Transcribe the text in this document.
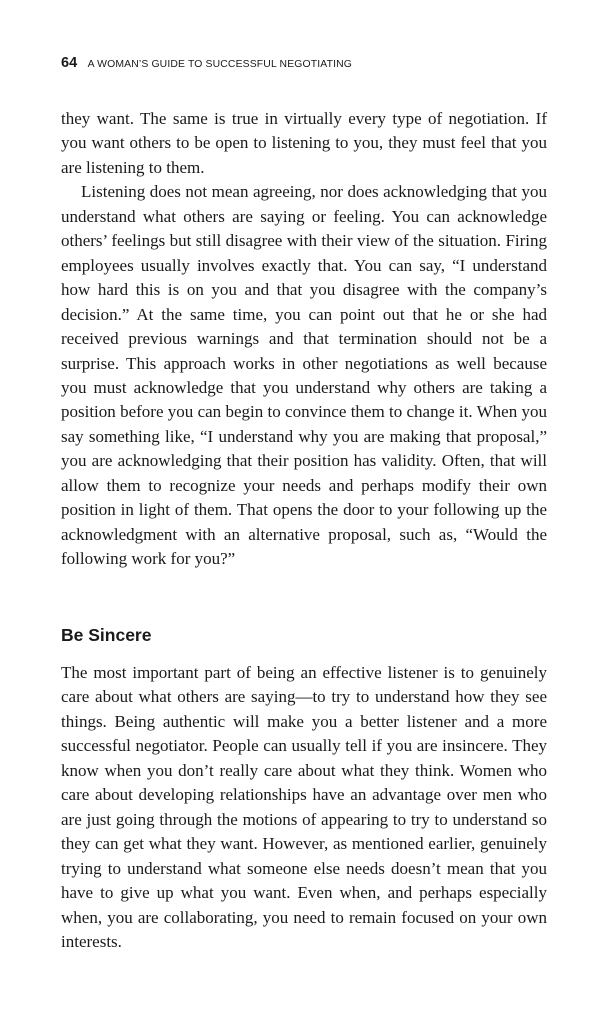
64 A WOMAN’S GUIDE TO SUCCESSFUL NEGOTIATING

they want. The same is true in virtually every type of negotiation. If you want others to be open to listening to you, they must feel that you are listening to them.

Listening does not mean agreeing, nor does acknowledging that you understand what others are saying or feeling. You can acknowledge others’ feelings but still disagree with their view of the situation. Firing employees usually involves exactly that. You can say, “I understand how hard this is on you and that you disagree with the company’s decision.” At the same time, you can point out that he or she had received previous warnings and that termination should not be a surprise. This approach works in other negotiations as well because you must acknowledge that you understand why others are taking a position before you can begin to convince them to change it. When you say something like, “I understand why you are making that proposal,” you are acknowledging that their position has validity. Often, that will allow them to recognize your needs and perhaps modify their own position in light of them. That opens the door to your following up the acknowledgment with an alternative proposal, such as, “Would the following work for you?”

Be Sincere

The most important part of being an effective listener is to genuinely care about what others are saying—to try to understand how they see things. Being authentic will make you a better listener and a more successful negotiator. People can usually tell if you are insincere. They know when you don’t really care about what they think. Women who care about developing relationships have an advantage over men who are just going through the motions of appearing to try to understand so they can get what they want. However, as mentioned earlier, genuinely trying to understand what someone else needs doesn’t mean that you have to give up what you want. Even when, and perhaps especially when, you are collaborating, you need to remain focused on your own interests.
